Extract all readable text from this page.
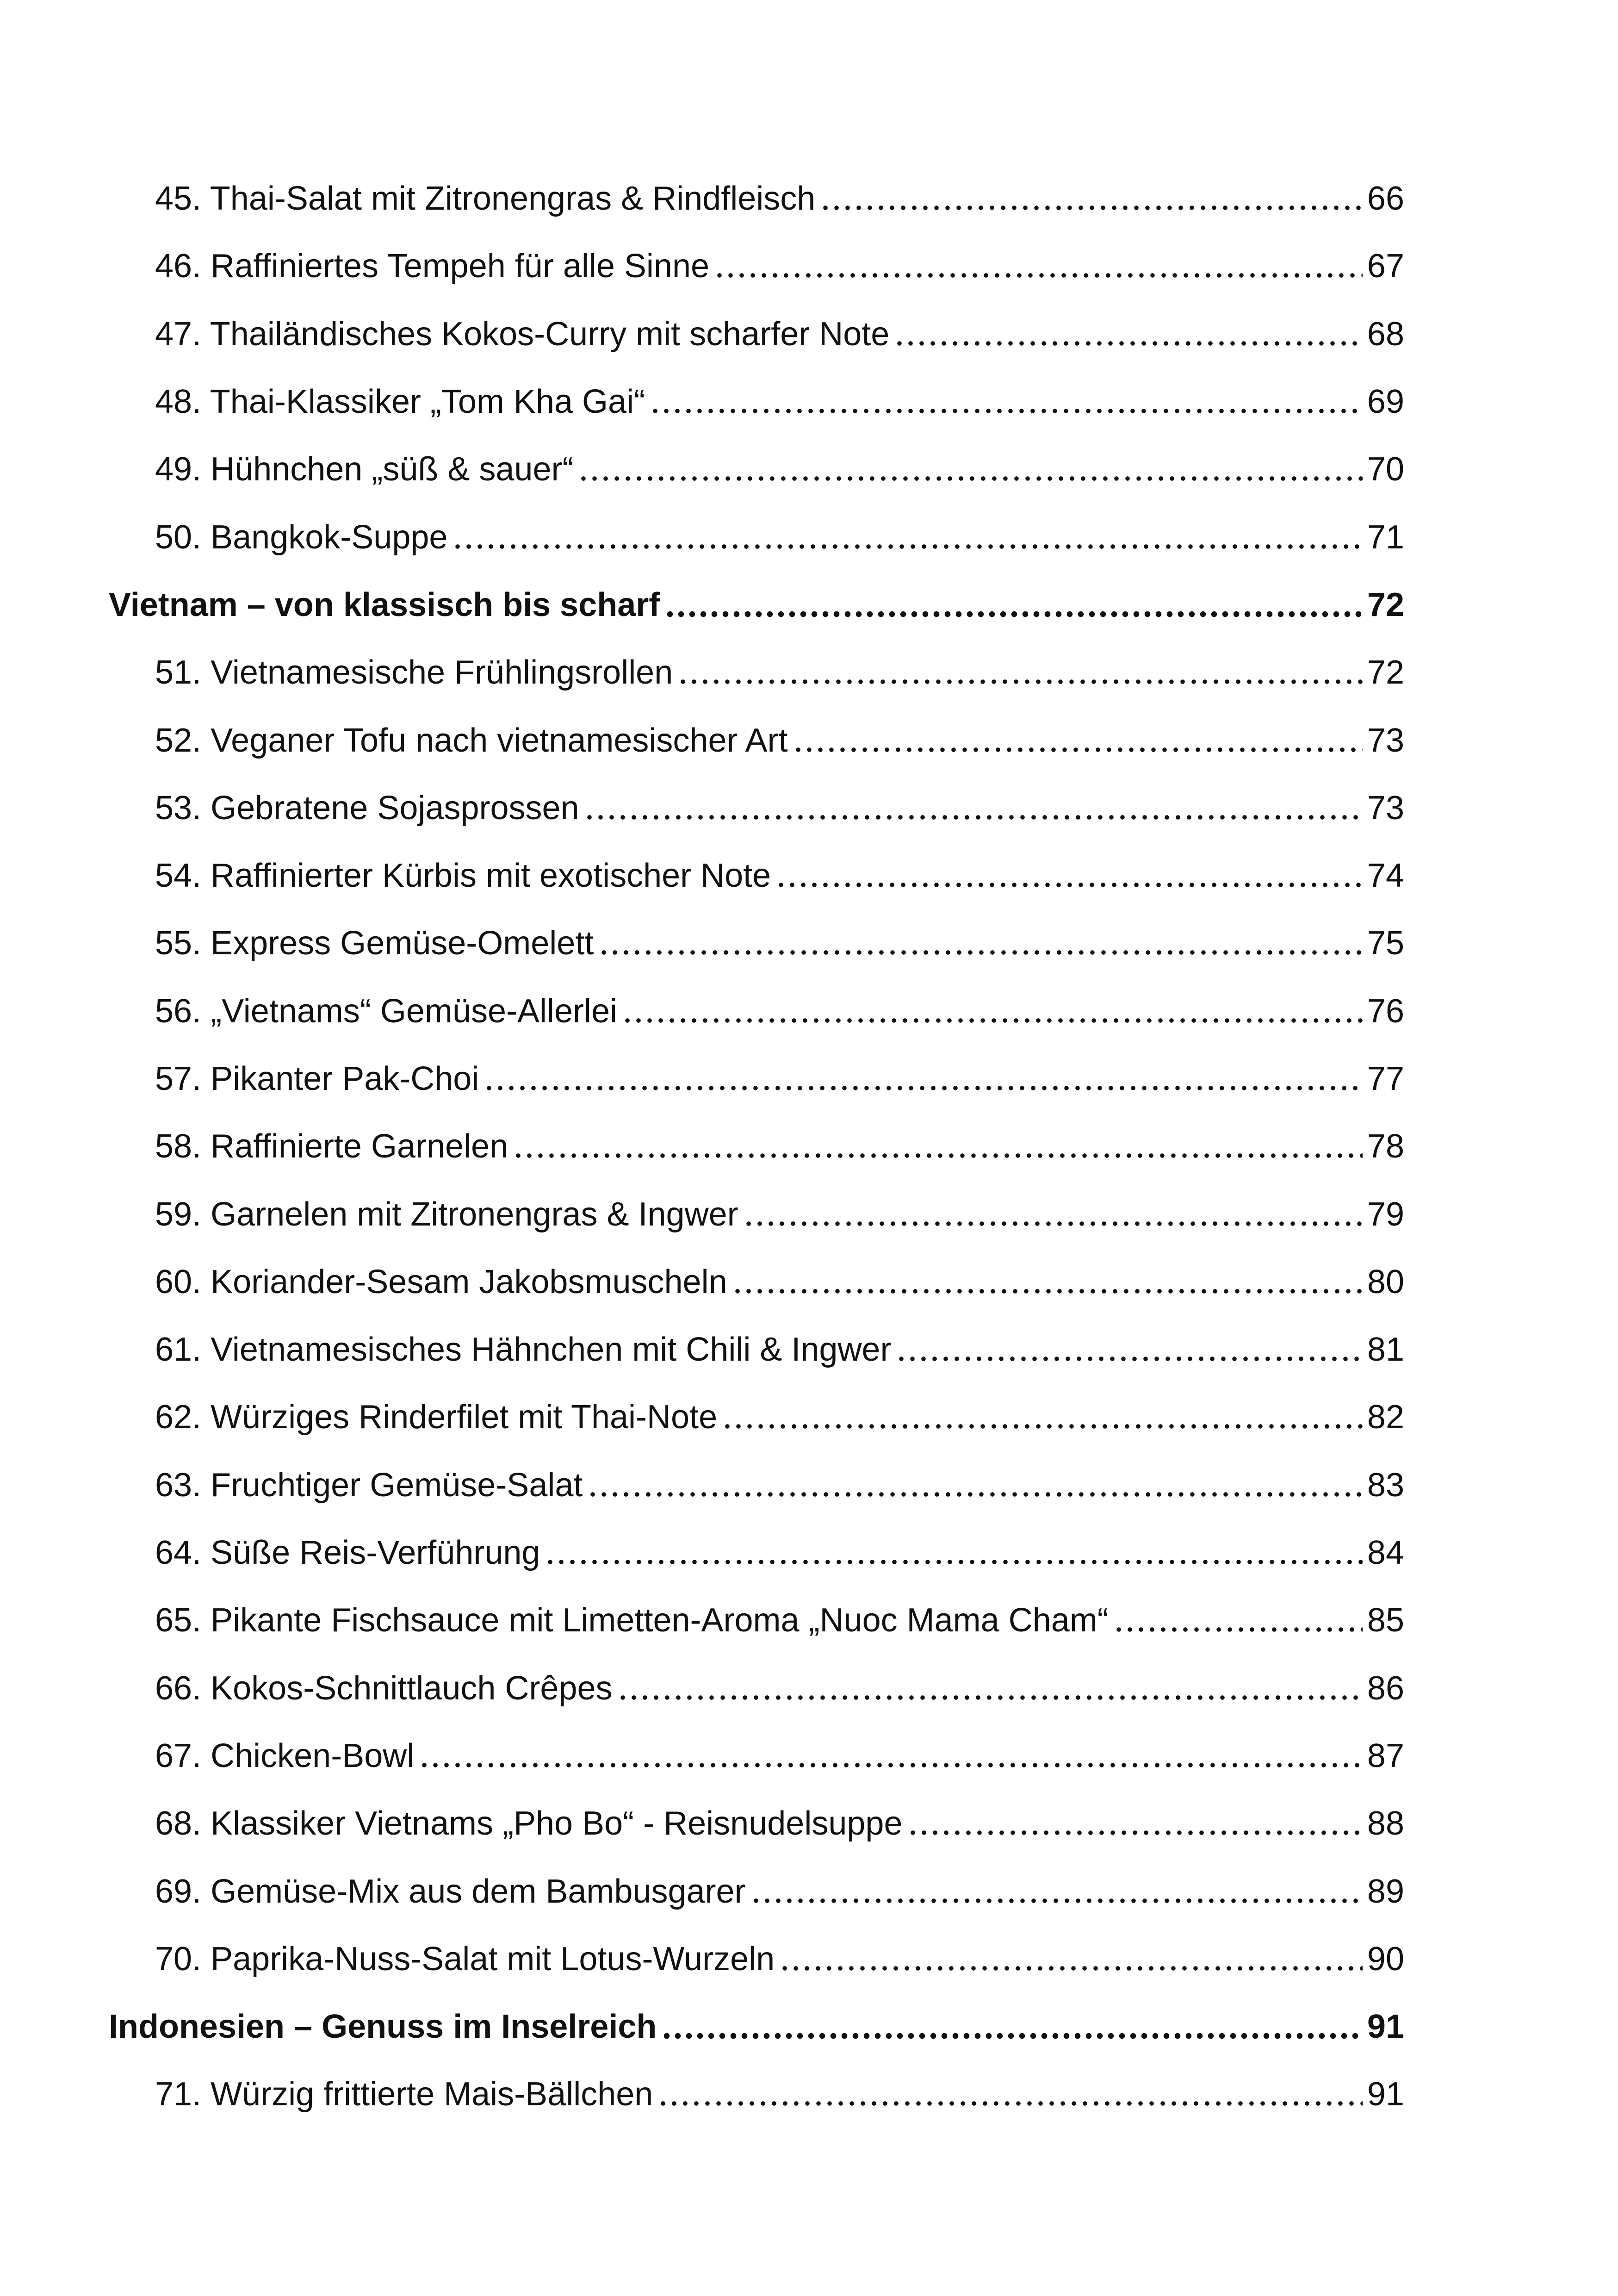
45. Thai-Salat mit Zitronengras & Rindfleisch	66
46. Raffiniertes Tempeh für alle Sinne	67
47. Thailändisches Kokos-Curry mit scharfer Note	68
48. Thai-Klassiker „Tom Kha Gai“	69
49. Hühnchen „süß & sauer“	70
50. Bangkok-Suppe	71
Vietnam – von klassisch bis scharf	72
51. Vietnamesische Frühlingsrollen	72
52. Veganer Tofu nach vietnamesischer Art	73
53. Gebratene Sojasprossen	73
54. Raffinierter Kürbis mit exotischer Note	74
55. Express Gemüse-Omelett	75
56. „Vietnams“ Gemüse-Allerlei	76
57. Pikanter Pak-Choi	77
58. Raffinierte Garnelen	78
59. Garnelen mit Zitronengras & Ingwer	79
60. Koriander-Sesam Jakobsmuscheln	80
61. Vietnamesisches Hähnchen mit Chili & Ingwer	81
62. Würziges Rinderfilet mit Thai-Note	82
63. Fruchtiger Gemüse-Salat	83
64. Süße Reis-Verführung	84
65. Pikante Fischsauce mit Limetten-Aroma „Nuoc Mama Cham“	85
66. Kokos-Schnittlauch Crêpes	86
67. Chicken-Bowl	87
68. Klassiker Vietnams „Pho Bo“ - Reisnudelsuppe	88
69. Gemüse-Mix aus dem Bambusgarer	89
70. Paprika-Nuss-Salat mit Lotus-Wurzeln	90
Indonesien – Genuss im Inselreich	91
71. Würzig frittierte Mais-Bällchen	91
